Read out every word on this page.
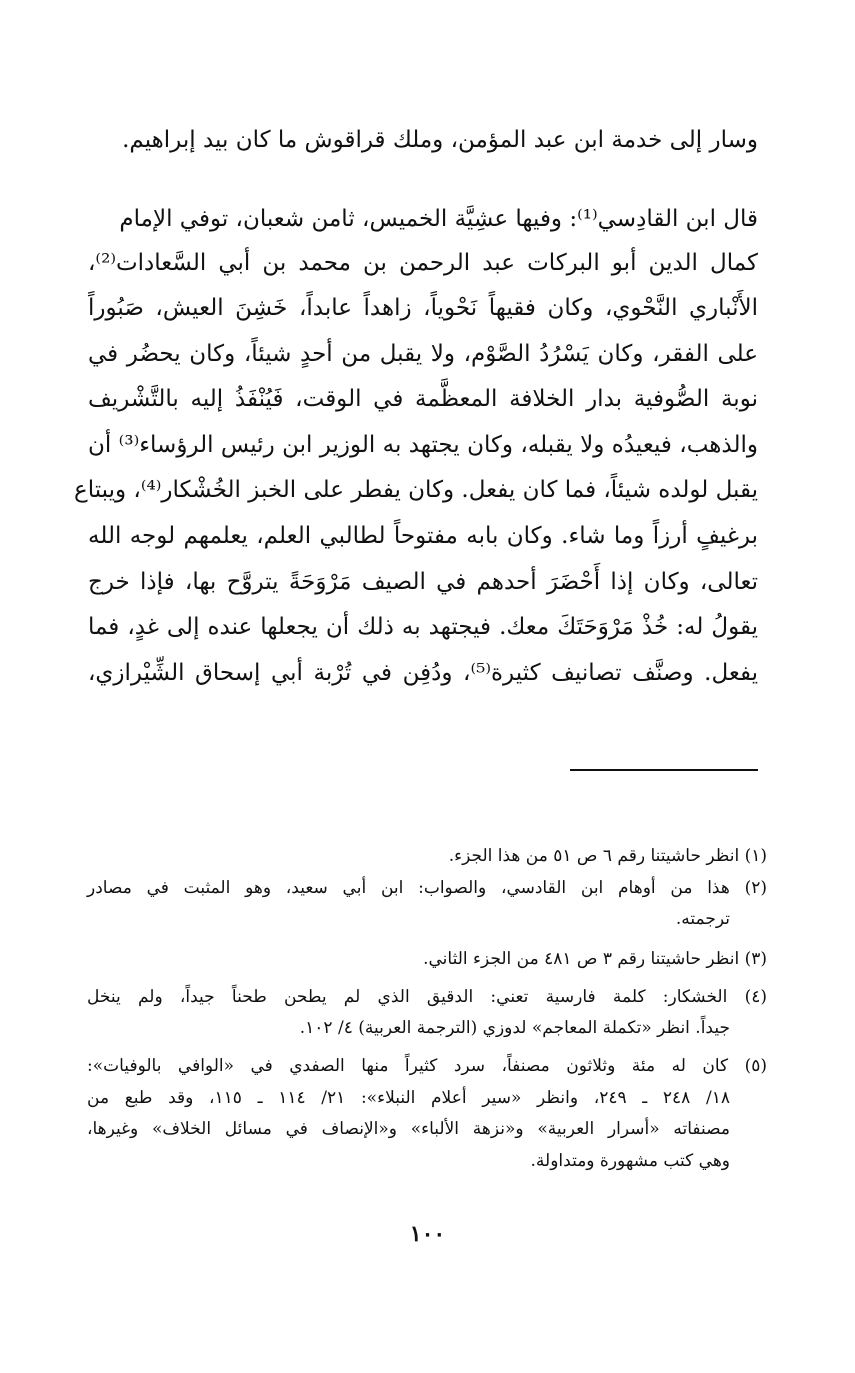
وسار إلى خدمة ابن عبد المؤمن، وملك قراقوش ما كان بيد إبراهيم.
قال ابن القادِسي⁽¹⁾: وفيها عشِيَّة الخميس، ثامن شعبان، توفي الإمام
كمال الدين أبو البركات عبد الرحمن بن محمد بن أبي السَّعادات⁽²⁾،
الأَنْباري النَّحْوي، وكان فقيهاً نَحْوياً، زاهداً عابداً، خَشِنَ العيش، صَبُوراً
على الفقر، وكان يَسْرُدُ الصَّوْم، ولا يقبل من أحدٍ شيئاً، وكان يحضُر في
نوبة الصُّوفية بدار الخلافة المعظَّمة في الوقت، فَيُنْفَذُ إليه بالتَّشْريف
والذهب، فيعيدُه ولا يقبله، وكان يجتهد به الوزير ابن رئيس الرؤساء⁽³⁾ أن
يقبل لولده شيئاً، فما كان يفعل. وكان يفطر على الخبز الخُشْكار⁽⁴⁾، ويبتاع
برغيفٍ أرزاً وما شاء. وكان بابه مفتوحاً لطالبي العلم، يعلمهم لوجه الله
تعالى، وكان إذا أَحْضَرَ أحدهم في الصيف مَرْوَحَةً يتروَّح بها، فإذا خرج
يقولُ له: خُذْ مَرْوَحَتَكَ معك. فيجتهد به ذلك أن يجعلها عنده إلى غدٍ، فما
يفعل. وصنَّف تصانيف كثيرة⁽⁵⁾، ودُفِن في تُرْبة أبي إسحاق الشِّيْرازي،
(١) انظر حاشيتنا رقم ٦ ص ٥١ من هذا الجزء.
(٢) هذا من أوهام ابن القادسي، والصواب: ابن أبي سعيد، وهو المثبت في مصادر
ترجمته.
(٣) انظر حاشيتنا رقم ٣ ص ٤٨١ من الجزء الثاني.
(٤) الخشكار: كلمة فارسية تعني: الدقيق الذي لم يطحن طحناً جيداً، ولم ينخل
جيداً. انظر «تكملة المعاجم» لدوزي (الترجمة العربية) ٤/ ١٠٢.
(٥) كان له مئة وثلاثون مصنفاً، سرد كثيراً منها الصفدي في «الوافي بالوفيات»:
١٨/ ٢٤٨ ـ ٢٤٩، وانظر «سير أعلام النبلاء»: ٢١/ ١١٤ ـ ١١٥، وقد طبع من
مصنفاته «أسرار العربية» و«نزهة الألباء» و«الإنصاف في مسائل الخلاف» وغيرها،
وهي كتب مشهورة ومتداولة.
١٠٠
